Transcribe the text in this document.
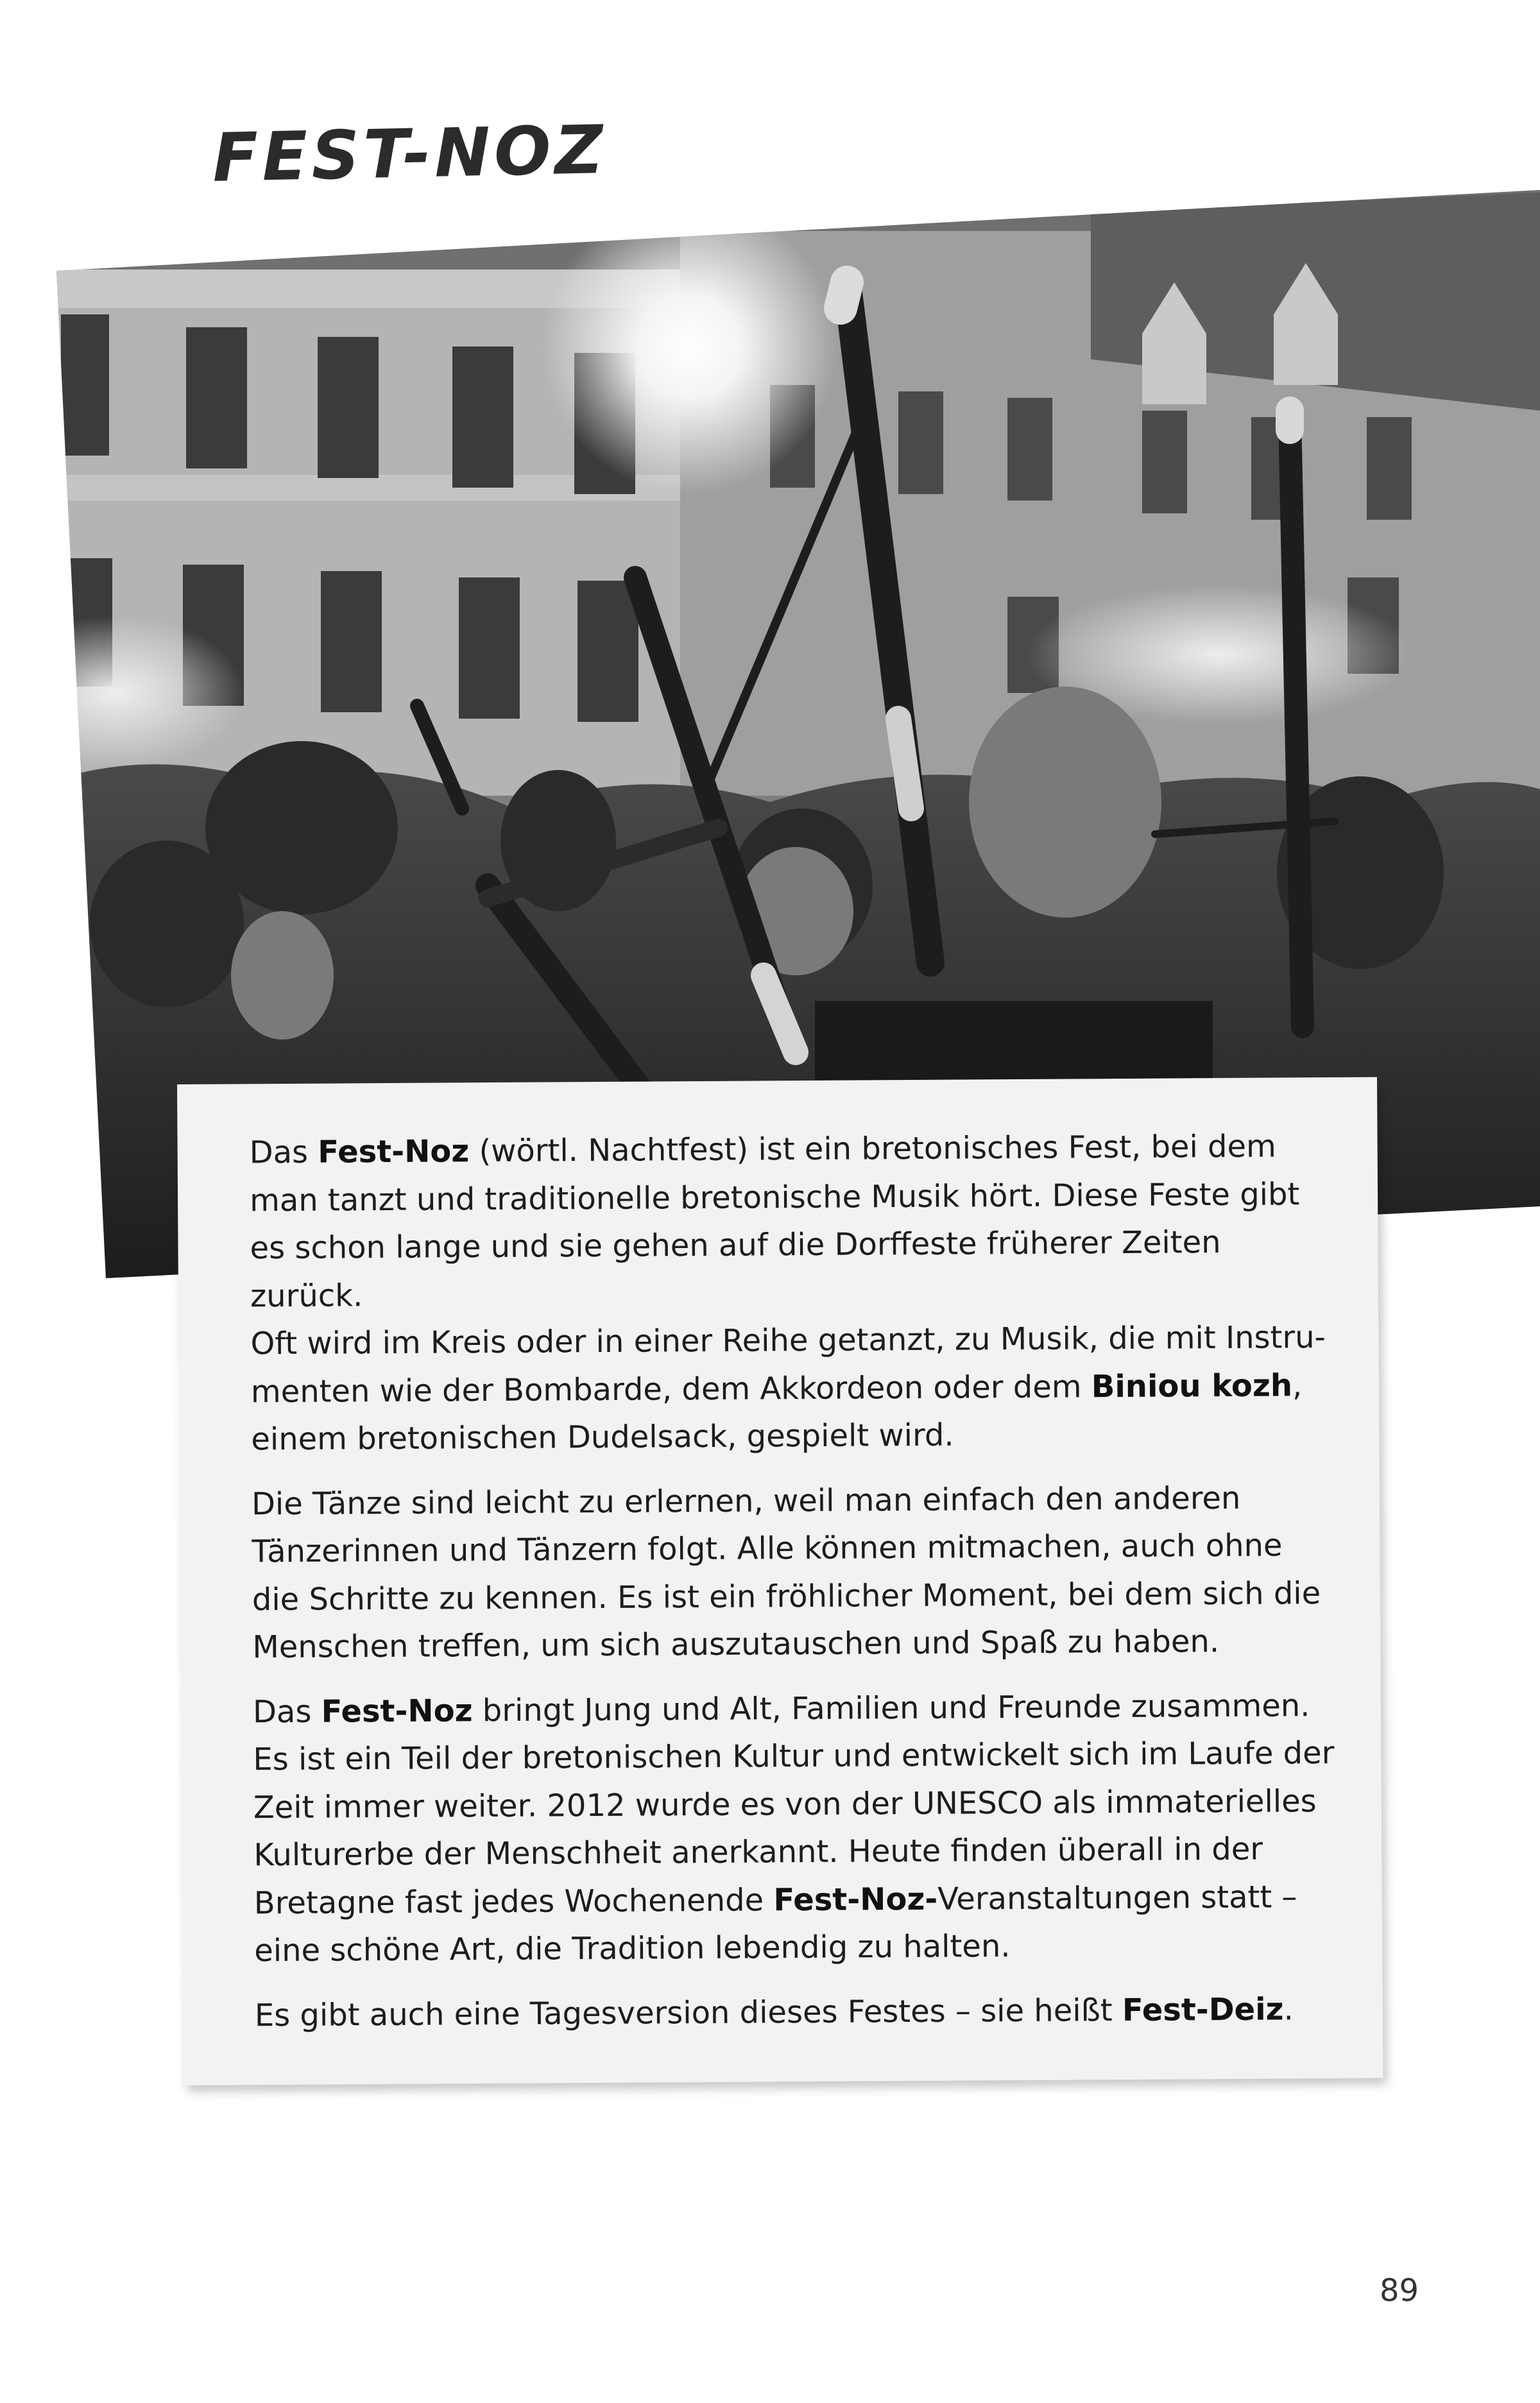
FEST-NOZ

Das Fest-Noz (wörtl. Nachtfest) ist ein bretonisches Fest, bei dem
man tanzt und traditionelle bretonische Musik hört. Diese Feste gibt
es schon lange und sie gehen auf die Dorffeste früherer Zeiten zurück.
Oft wird im Kreis oder in einer Reihe getanzt, zu Musik, die mit Instru-
menten wie der Bombarde, dem Akkordeon oder dem Biniou kozh,
einem bretonischen Dudelsack, gespielt wird.

Die Tänze sind leicht zu erlernen, weil man einfach den anderen
Tänzerinnen und Tänzern folgt. Alle können mitmachen, auch ohne
die Schritte zu kennen. Es ist ein fröhlicher Moment, bei dem sich die
Menschen treffen, um sich auszutauschen und Spaß zu haben.

Das Fest-Noz bringt Jung und Alt, Familien und Freunde zusammen.
Es ist ein Teil der bretonischen Kultur und entwickelt sich im Laufe der
Zeit immer weiter. 2012 wurde es von der UNESCO als immaterielles
Kulturerbe der Menschheit anerkannt. Heute finden überall in der
Bretagne fast jedes Wochenende Fest-Noz-Veranstaltungen statt –
eine schöne Art, die Tradition lebendig zu halten.

Es gibt auch eine Tagesversion dieses Festes – sie heißt Fest-Deiz.

89
